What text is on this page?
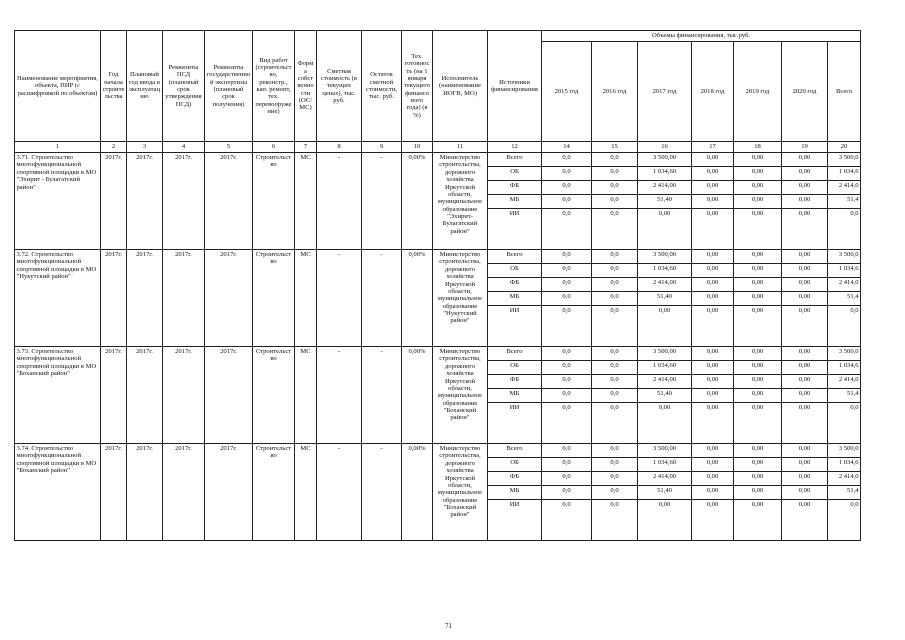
Наименование мероприятия, объекта, ПИР (с расшифровкой по объектам)	Год начала строительства	Плановый год ввода в эксплуатацию	Реквизиты ПСД (плановый срок утверждения ПСД)	Реквизиты государственной экспертизы (плановый срок получения)	Вид работ (строительство, реконстр., кап. ремонт, тех. перевооружение)	Форма собственности (ОС/МС)	Сметная стоимость (в текущих ценах), тыс. руб.	Остаток сметной стоимости, тыс. руб.	Тех. готовность (на 1 января текущего финансового года) (в %)	Исполнитель (наименование ИОГВ, МО)	Источники финансирования	Объемы финансирования, тыс.руб.						
												2015 год	2016 год	2017 год	2018 год	2019 год	2020 год	Всего
1	2	3	4	5	6	7	8	9	10	11	12	14	15	16	17	18	19	20
3.71. Строительство многофункциональной спортивной площадки в МО "Эхирит - Булагатский район"	2017г.	2017г.	2017г.	2017г.	Строительство	МС	-	-	0,00%	Министерство строительства, дорожного хозяйства Иркутской области, муниципальное образование "Эхирит-Булагатский район"	Всего	0,0	0,0	3 500,00	0,00	0,00	0,00	3 500,0
											ОБ	0,0	0,0	1 034,60	0,00	0,00	0,00	1 034,6
											ФБ	0,0	0,0	2 414,00	0,00	0,00	0,00	2 414,0
											МБ	0,0	0,0	51,40	0,00	0,00	0,00	51,4
											ИИ	0,0	0,0	0,00	0,00	0,00	0,00	0,0
3.72. Строительство многофункциональной спортивной площадки в МО "Нукутский район"	2017г.	2017г.	2017г.	2017г.	Строительство	МС	-	-	0,00%	Министерство строительства, дорожного хозяйства Иркутской области, муниципальное образование "Нукутский район"	Всего	0,0	0,0	3 500,00	0,00	0,00	0,00	3 500,0
											ОБ	0,0	0,0	1 034,60	0,00	0,00	0,00	1 034,6
											ФБ	0,0	0,0	2 414,00	0,00	0,00	0,00	2 414,0
											МБ	0,0	0,0	51,40	0,00	0,00	0,00	51,4
											ИИ	0,0	0,0	0,00	0,00	0,00	0,00	0,0
3.73. Строительство многофункциональной спортивной площадки в МО "Боханский район"	2017г.	2017г.	2017г.	2017г.	Строительство	МС	-	-	0,00%	Министерство строительства, дорожного хозяйства Иркутской области, муниципальное образование "Боханский район"	Всего	0,0	0,0	3 500,00	0,00	0,00	0,00	3 500,0
											ОБ	0,0	0,0	1 034,60	0,00	0,00	0,00	1 034,6
											ФБ	0,0	0,0	2 414,00	0,00	0,00	0,00	2 414,0
											МБ	0,0	0,0	51,40	0,00	0,00	0,00	51,4
											ИИ	0,0	0,0	0,00	0,00	0,00	0,00	0,0
3.74. Строительство многофункциональной спортивной площадки в МО "Боханский район"	2017г.	2017г.	2017г.	2017г.	Строительство	МС	-	-	0,00%	Министерство строительства, дорожного хозяйства Иркутской области, муниципальное образование "Боханский район"	Всего	0,0	0,0	3 500,00	0,00	0,00	0,00	3 500,0
											ОБ	0,0	0,0	1 034,60	0,00	0,00	0,00	1 034,6
											ФБ	0,0	0,0	2 414,00	0,00	0,00	0,00	2 414,0
											МБ	0,0	0,0	51,40	0,00	0,00	0,00	51,4
											ИИ	0,0	0,0	0,00	0,00	0,00	0,00	0,0
71
